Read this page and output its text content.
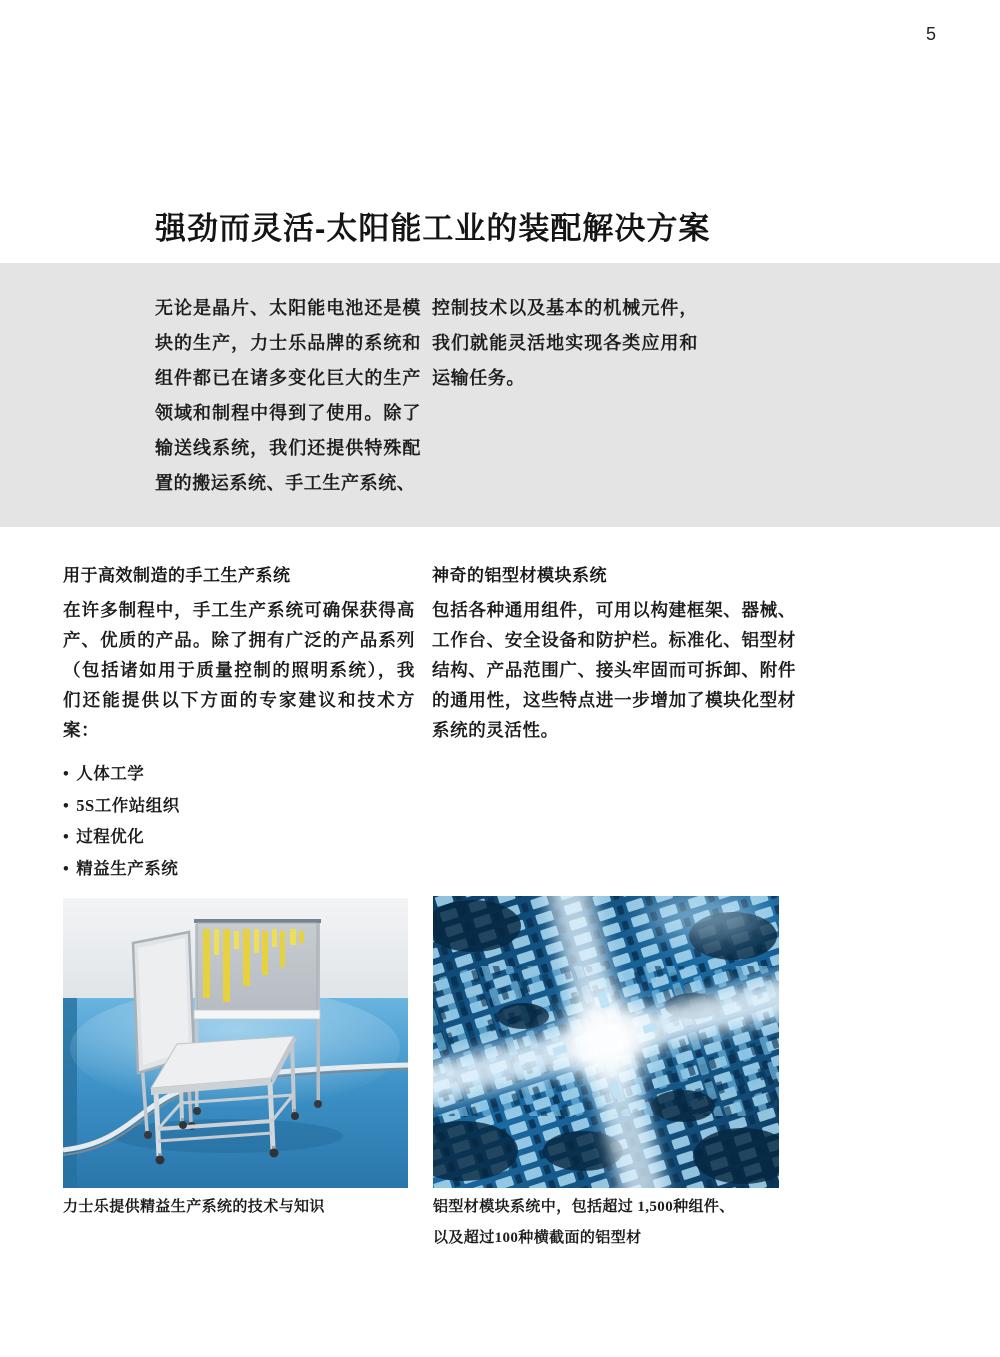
5
强劲而灵活-太阳能工业的装配解决方案

无论是晶片、太阳能电池还是模块的生产，力士乐品牌的系统和组件都已在诸多变化巨大的生产领域和制程中得到了使用。除了输送线系统，我们还提供特殊配置的搬运系统、手工生产系统、

控制技术以及基本的机械元件，我们就能灵活地实现各类应用和运输任务。

用于高效制造的手工生产系统

在许多制程中，手工生产系统可确保获得高产、优质的产品。除了拥有广泛的产品系列（包括诸如用于质量控制的照明系统），我们还能提供以下方面的专家建议和技术方案：

• 人体工学
• 5S工作站组织
• 过程优化
• 精益生产系统
神奇的铝型材模块系统

包括各种通用组件，可用以构建框架、器械、工作台、安全设备和防护栏。标准化、铝型材结构、产品范围广、接头牢固而可拆卸、附件的通用性，这些特点进一步增加了模块化型材系统的灵活性。

力士乐提供精益生产系统的技术与知识	铝型材模块系统中，包括超过 1,500种组件、以及超过100种横截面的铝型材
